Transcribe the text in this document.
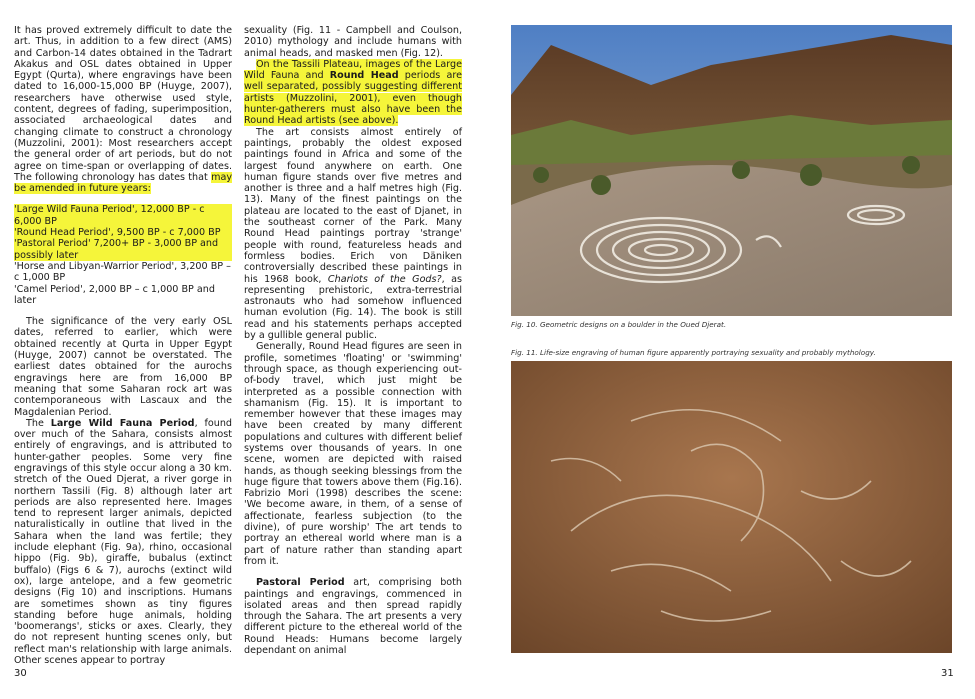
It has proved extremely difficult to date the art. Thus, in addition to a few direct (AMS) and Carbon-14 dates obtained in the Tadrart Akakus and OSL dates obtained in Upper Egypt (Qurta), where engravings have been dated to 16,000-15,000 BP (Huyge, 2007), researchers have otherwise used style, content, degrees of fading, superimposition, associated archaeological dates and changing climate to construct a chronology (Muzzolini, 2001): Most researchers accept the general order of art periods, but do not agree on time-span or overlapping of dates. The following chronology has dates that may be amended in future years:

'Large Wild Fauna Period', 12,000 BP - c 6,000 BP

'Round Head Period', 9,500 BP - c 7,000 BP

'Pastoral Period' 7,200+ BP - 3,000 BP and possibly later

'Horse and Libyan-Warrior Period', 3,200 BP – c 1,000 BP

'Camel Period', 2,000 BP – c 1,000 BP and later

The significance of the very early OSL dates, referred to earlier, which were obtained recently at Qurta in Upper Egypt (Huyge, 2007) cannot be overstated. The earliest dates obtained for the aurochs engravings here are from 16,000 BP meaning that some Saharan rock art was contemporaneous with Lascaux and the Magdalenian Period.

The Large Wild Fauna Period, found over much of the Sahara, consists almost entirely of engravings, and is attributed to hunter-gather peoples. Some very fine engravings of this style occur along a 30 km. stretch of the Oued Djerat, a river gorge in northern Tassili (Fig. 8) although later art periods are also represented here. Images tend to represent larger animals, depicted naturalistically in outline that lived in the Sahara when the land was fertile; they include elephant (Fig. 9a), rhino, occasional hippo (Fig. 9b), giraffe, bubalus (extinct buffalo) (Figs 6 & 7), aurochs (extinct wild ox), large antelope, and a few geometric designs (Fig 10) and inscriptions. Humans are sometimes shown as tiny figures standing before huge animals, holding 'boomerangs', sticks or axes. Clearly, they do not represent hunting scenes only, but reflect man's relationship with large animals. Other scenes appear to portray

sexuality (Fig. 11 - Campbell and Coulson, 2010) mythology and include humans with animal heads, and masked men (Fig. 12).

On the Tassili Plateau, images of the Large Wild Fauna and Round Head periods are well separated, possibly suggesting different artists (Muzzolini, 2001), even though hunter-gatherers must also have been the Round Head artists (see above).

The art consists almost entirely of paintings, probably the oldest exposed paintings found in Africa and some of the largest found anywhere on earth. One human figure stands over five metres and another is three and a half metres high (Fig. 13). Many of the finest paintings on the plateau are located to the east of Djanet, in the southeast corner of the Park. Many Round Head paintings portray 'strange' people with round, featureless heads and formless bodies. Erich von Däniken controversially described these paintings in his 1968 book, Chariots of the Gods?, as representing prehistoric, extra-terrestrial astronauts who had somehow influenced human evolution (Fig. 14). The book is still read and his statements perhaps accepted by a gullible general public.

Generally, Round Head figures are seen in profile, sometimes 'floating' or 'swimming' through space, as though experiencing out-of-body travel, which just might be interpreted as a possible connection with shamanism (Fig. 15). It is important to remember however that these images may have been created by many different populations and cultures with different belief systems over thousands of years. In one scene, women are depicted with raised hands, as though seeking blessings from the huge figure that towers above them (Fig.16). Fabrizio Mori (1998) describes the scene: 'We become aware, in them, of a sense of affectionate, fearless subjection (to the divine), of pure worship' The art tends to portray an ethereal world where man is a part of nature rather than standing apart from it.

Pastoral Period art, comprising both paintings and engravings, commenced in isolated areas and then spread rapidly through the Sahara. The art presents a very different picture to the ethereal world of the Round Heads: Humans become largely dependant on animal

30
Fig. 10. Geometric designs on a boulder in the Oued Djerat.
Fig. 11. Life-size engraving of human figure apparently portraying sexuality and probably mythology.
31
